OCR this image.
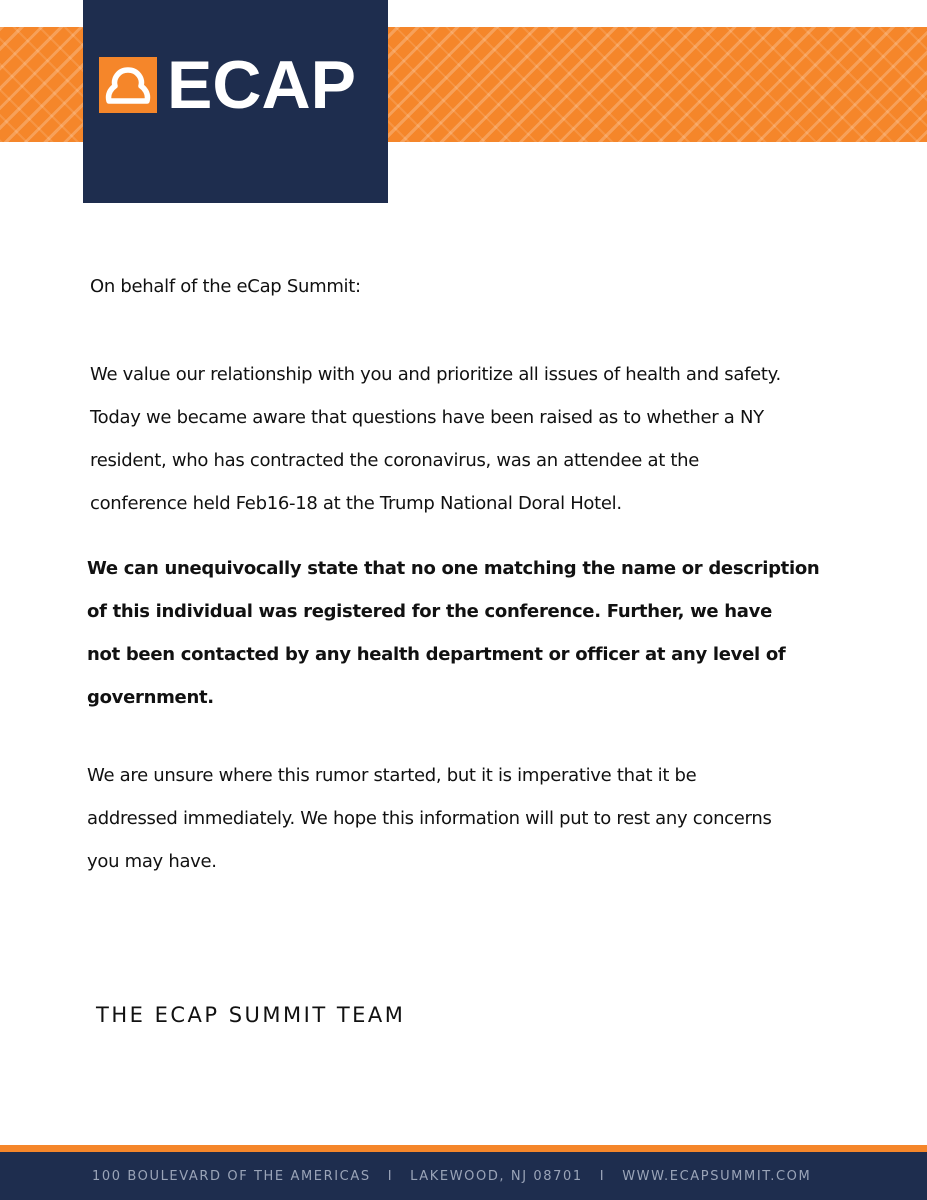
ECAP
On behalf of the eCap Summit:
We value our relationship with you and prioritize all issues of health and safety.
Today we became aware that questions have been raised as to whether a NY
resident, who has contracted the coronavirus, was an attendee at the
conference held Feb16-18 at the Trump National Doral Hotel.
We can unequivocally state that no one matching the name or description
of this individual was registered for the conference. Further, we have
not been contacted by any health department or officer at any level of
government.
We are unsure where this rumor started, but it is imperative that it be
addressed immediately. We hope this information will put to rest any concerns
you may have.
THE ECAP SUMMIT TEAM
100 BOULEVARD OF THE AMERICAS I LAKEWOOD, NJ 08701 I WWW.ECAPSUMMIT.COM
